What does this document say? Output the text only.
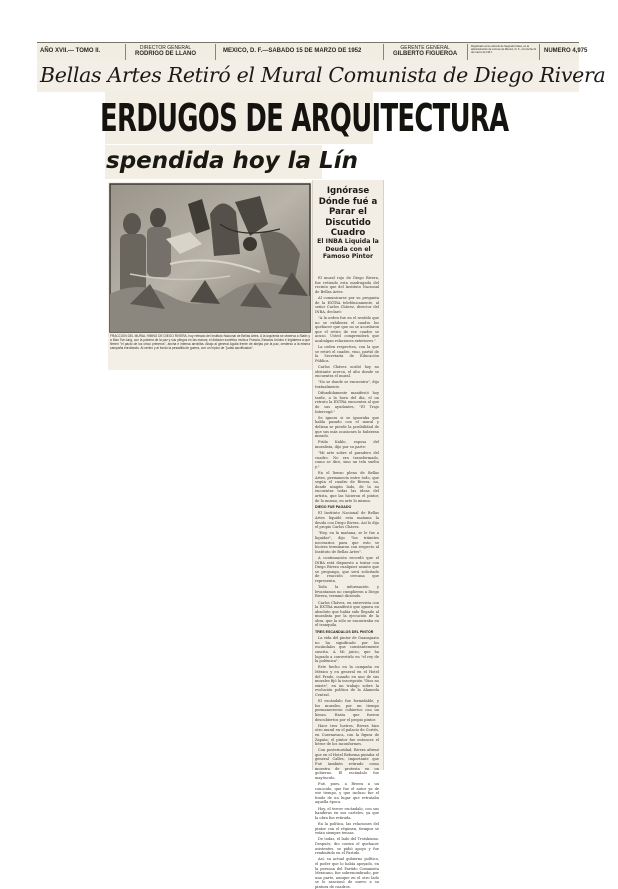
AÑO XVII.— TOMO II.	DIRECTOR GENERAL
RODRIGO DE LLANO	MEXICO, D. F.—SABADO 15 DE MARZO DE 1952	GERENTE GENERAL
GILBERTO FIGUEROA
Registrado como artículo de Segunda Clase, en la administración de correos de México, D. F., con fecha 21 de marzo de 1917.	NUMERO 4,975
Bellas Artes Retiró el Mural Comunista de Diego Rivera
ERDUGOS DE ARQUITECTURA
spendida hoy la Lín
FRACCION DEL MURAL HIMNO DE DIEGO RIVERA, hoy retirado del Instituto Nacional de Bellas Artes. A la izquierda se observa a Stalin y a Mao Tse-tung, con la paloma de la paz y sus pliegos en las manos; el dictador soviético invita a Francia, Estados Unidos e Inglaterra a que firmen "el pacto de los cinco primeros", ancha e intensa arrobiba. Abajo al general Aguila frente de abejas por la paz, cerderso a la misma campaña enrollando. Al centro y al fondo la pesadilla de guerra, con un hípico de "judas sacrificados".
Ignórase Dónde fué a Parar el Discutido Cuadro
El INBA Liquida la Deuda con el Famoso Pintor

El mural rojo de Diego Rivera, fue retirado esta madrugada del recinto que del Instituto Nacional de Bellas Artes.

Al comunicarse por su pregunta de la EXTRA telefónicamente, al señor Carlos Chávez, director del INBA, declaró:

"A la orden fue en el sentido que no se exhibiera el cuadro los quehacer que que no se acordaron que el retiro de ese cuadro se acuso. Usted comprenderá que acabalgan relaciones exteriores."

La orden respectiva, con la que se retiró el cuadro, vino, partió de la Secretaría de Educación Pública.

Carlos Chávez ocultó hoy no obstante acerca, el alto donde se encuentra el mural.

"No se donde se encuentra", dijo textualmente.

Difundidamente manifestó hoy tarde, a la hora del día, el un retrato la EXTRA encuentra al que de sus ayudantes, "El Trajo Interrogó."

Se ignora si se ignoraba que habla pasado con el mural y deliran se pierde la posibilidad de que sus más ocasiones lo hubieran mirado.

Frida Kahlo, esposa del muralista, dijo por su parte:

"Mi arte sobre el paradero del cuadro. No era transformado, como se dice, sino un tela suelta y."

En el lienzo pleno de Bellas Artes, permanecía entre todo, que según el cuadro de Rivera, no, donde ningún lado, de la no encuentra todas las ideas del artista, que las hicieron el pintor, de lo mismo, en arte lo mismo.

DIEGO FUE PAGADO

El Instituto Nacional de Bellas Artes liquidó esta mañana la deuda con Diego Rivera. Así lo dijo el propio Carlos Chávez.

"Hoy, en la mañana, se le fue a liquidar", dijo "los trámites necesarios para que esto se hiciera terminaron con respecto al Instituto de Bellas Artes".

A continuación recordó que el INBA está dispuesto a tratar con Diego Rivera cualquier asunto que se proponga, que será solicitado de reacción cercana que representa.

Toda la información y levantamos no cumplieron a Diego Rivera, terminó diciendo.

Carlos Chávez, en entrevista con la EXTRA manifestó que ignora en absoluto que había sido llegado al muralista por la ejecución de la obra, que la sólo se encontraba en el tranquila.

TRES ESCANDALOS DEL PINTOR

La vida del pintor de Guanajuato no ha significado por los escándalos que constantemente suscita. A Mi juicio, que ha logrado a convertirlo en "el rey de la polémica".

Este hecho en la campaña en México y en general en el Hotel del Prado, cuando en uno de sus murales fijó la inscripción "Dios no existe", en un trabajo sobre la evolución política de la Alameda Central.

El escándalo fue formidable, y los murales, por un tiempo permanecieron cubiertos con un lienzo. Hasta que fueron descubiertos por el propio pintor.

Hace tres lustros, Rivera hizo otro mural en el palacio de Cortés, en Cuernavaca, con la figura de Zapata; el pintor fue entonces el héroe de los inconformes.

Con posterioridad, Rivera afirmó que en el Hotel Reforma pintaba el general Calles, importante que Fué también retirado como muestra de protesta en un gobierno. El escándalo fue mayúsculo.

Fué, pues, a Rivera a un conocido, que fue el autor ya de ese tiempo, y que incluso fue el fondo de un lugar que retrataba aquella época.

Hoy, el tercer escándalo, con sus banderas en sus carteles, ya que la obra fue retirada.

En la política, las relaciones del pintor con el régimen, tiempos se veían siempre tensas.

De todas, el lado del Trotskismo. Después, dio contra el quehacer asistentes, se pidió apoyo y fue readmitido en el Partido.

Así, su actual gobierno político, el poder que lo había apoyado, en la persona del Partido Comunista Mexicano, fue sobrenombrado, por una parte, aunque en el otro lado se le sancionó de nuevo a su pintura de cuadros.
